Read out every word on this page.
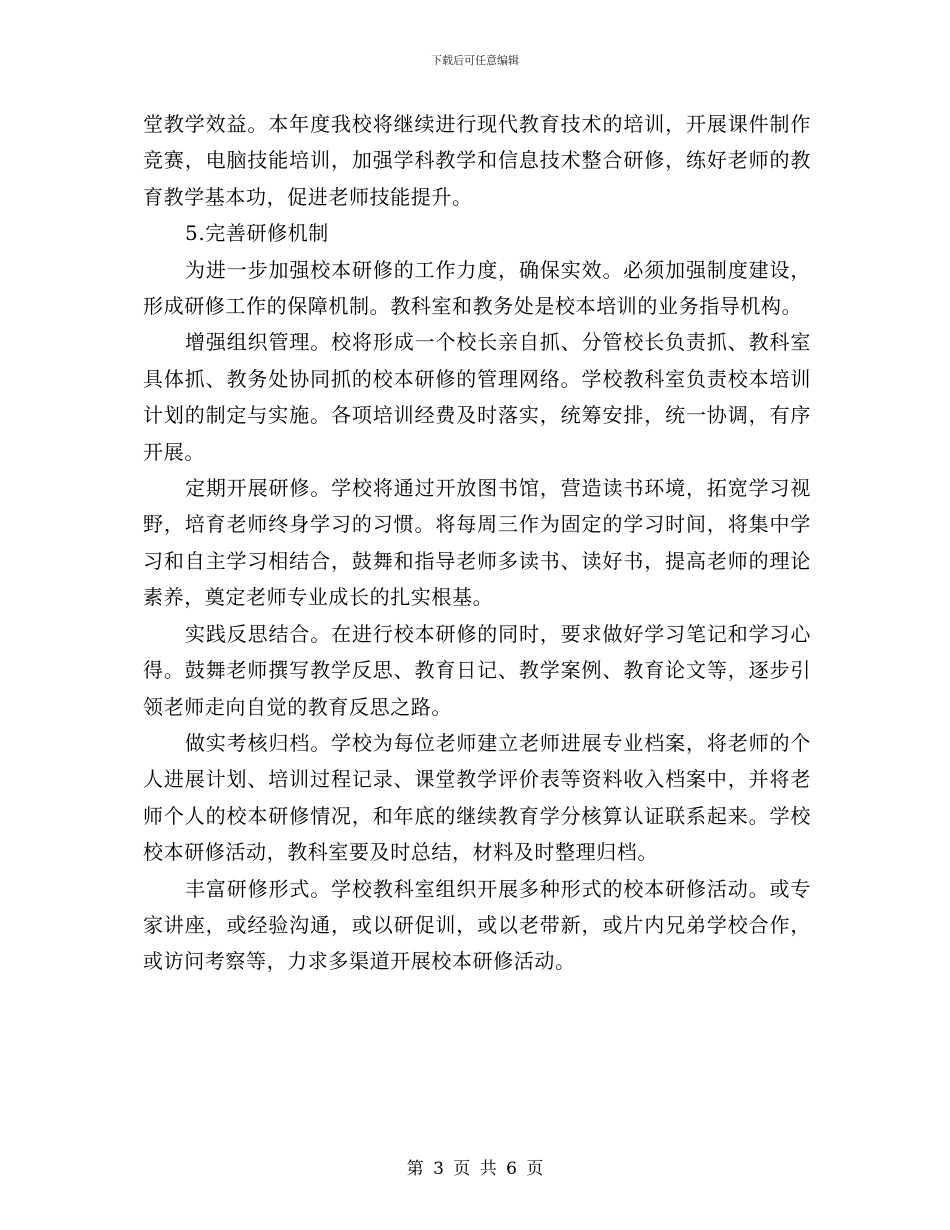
下载后可任意编辑

堂教学效益。本年度我校将继续进行现代教育技术的培训，开展课件制作竞赛，电脑技能培训，加强学科教学和信息技术整合研修，练好老师的教育教学基本功，促进老师技能提升。

5.完善研修机制

为进一步加强校本研修的工作力度，确保实效。必须加强制度建设，形成研修工作的保障机制。教科室和教务处是校本培训的业务指导机构。

增强组织管理。校将形成一个校长亲自抓、分管校长负责抓、教科室具体抓、教务处协同抓的校本研修的管理网络。学校教科室负责校本培训计划的制定与实施。各项培训经费及时落实，统筹安排，统一协调，有序开展。

定期开展研修。学校将通过开放图书馆，营造读书环境，拓宽学习视野，培育老师终身学习的习惯。将每周三作为固定的学习时间，将集中学习和自主学习相结合，鼓舞和指导老师多读书、读好书，提高老师的理论素养，奠定老师专业成长的扎实根基。

实践反思结合。在进行校本研修的同时，要求做好学习笔记和学习心得。鼓舞老师撰写教学反思、教育日记、教学案例、教育论文等，逐步引领老师走向自觉的教育反思之路。

做实考核归档。学校为每位老师建立老师进展专业档案，将老师的个人进展计划、培训过程记录、课堂教学评价表等资料收入档案中，并将老师个人的校本研修情况，和年底的继续教育学分核算认证联系起来。学校校本研修活动，教科室要及时总结，材料及时整理归档。

丰富研修形式。学校教科室组织开展多种形式的校本研修活动。或专家讲座，或经验沟通，或以研促训，或以老带新，或片内兄弟学校合作，或访问考察等，力求多渠道开展校本研修活动。

第 3 页 共 6 页
